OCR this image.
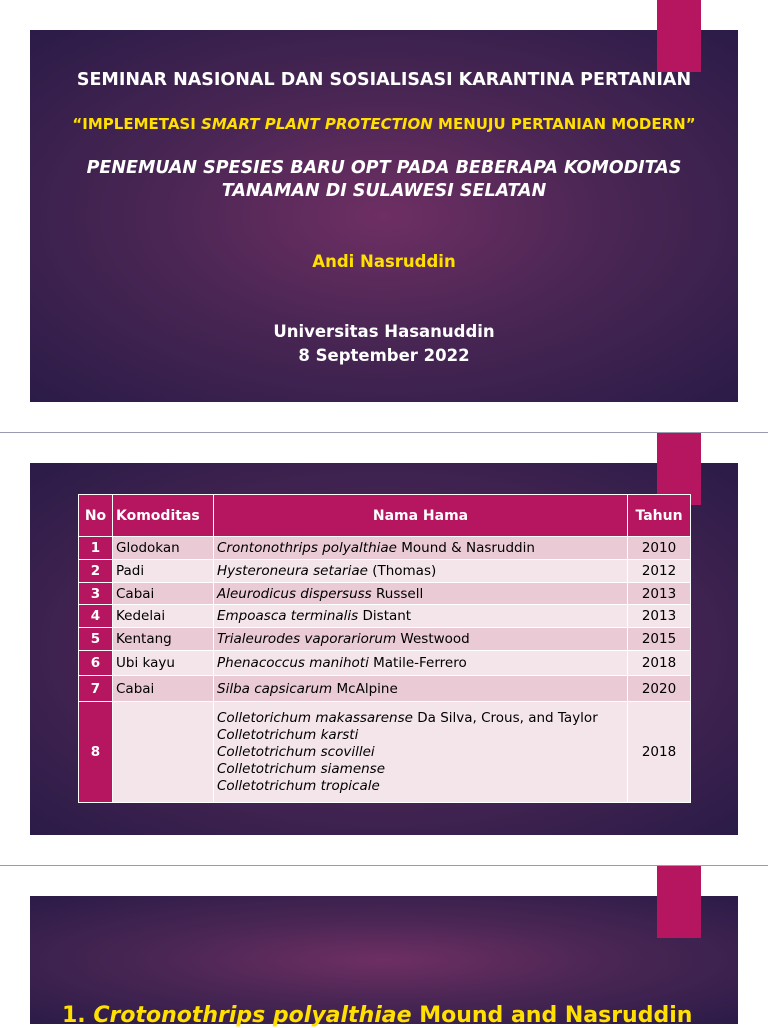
SEMINAR NASIONAL DAN SOSIALISASI KARANTINA PERTANIAN
“IMPLEMETASI SMART PLANT PROTECTION MENUJU PERTANIAN MODERN”
PENEMUAN SPESIES BARU OPT PADA BEBERAPA KOMODITAS
TANAMAN DI SULAWESI SELATAN
Andi Nasruddin
Universitas Hasanuddin
8 September 2022
No	Komoditas	Nama Hama	Tahun
1	Glodokan	Crontonothrips polyalthiae Mound & Nasruddin	2010
2	Padi	Hysteroneura setariae (Thomas)	2012
3	Cabai	Aleurodicus dispersuss Russell	2013
4	Kedelai	Empoasca terminalis Distant	2013
5	Kentang	Trialeurodes vaporariorum Westwood	2015
6	Ubi kayu	Phenacoccus manihoti Matile-Ferrero	2018
7	Cabai	Silba capsicarum McAlpine	2020
8		Colletorichum makassarense Da Silva, Crous, and Taylor
Colletotrichum karsti
Colletotrichum scovillei
Colletotrichum siamense
Colletotrichum tropicale	2018
1. Crotonothrips polyalthiae Mound and Nasruddin
